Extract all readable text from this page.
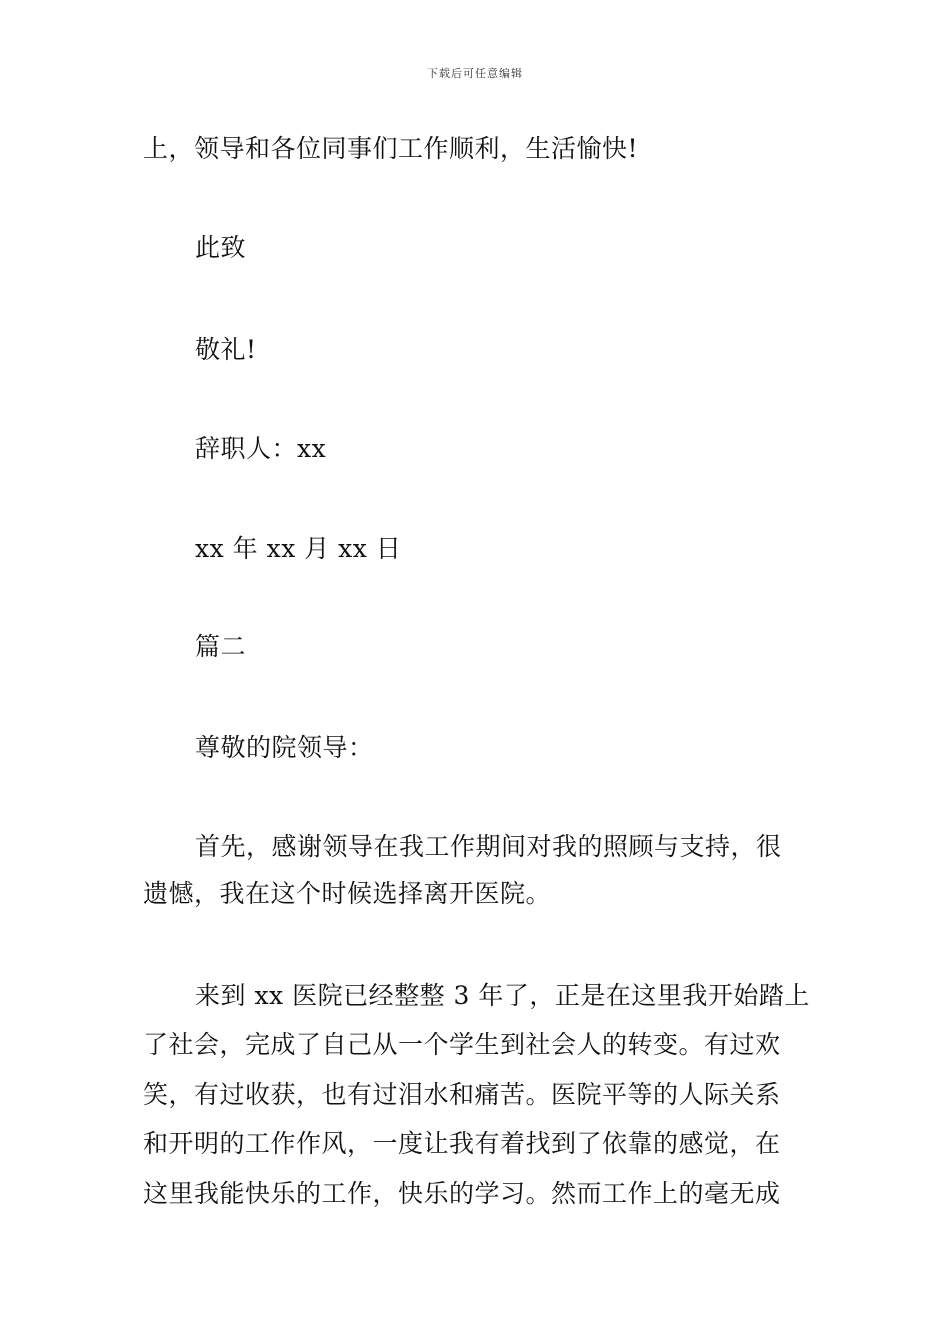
下载后可任意编辑
上，领导和各位同事们工作顺利，生活愉快!
此致
敬礼!
辞职人：xx
xx 年 xx 月 xx 日
篇二
尊敬的院领导：
首先，感谢领导在我工作期间对我的照顾与支持，很
遗憾，我在这个时候选择离开医院。
来到 xx 医院已经整整 3 年了，正是在这里我开始踏上
了社会，完成了自己从一个学生到社会人的转变。有过欢
笑，有过收获，也有过泪水和痛苦。医院平等的人际关系
和开明的工作作风，一度让我有着找到了依靠的感觉，在
这里我能快乐的工作，快乐的学习。然而工作上的毫无成
